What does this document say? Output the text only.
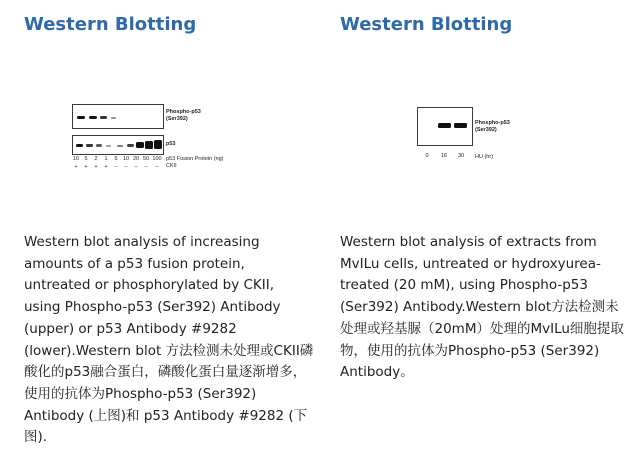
Western Blotting
Phospho-p53
(Ser392)
p53
10 5	2	1	5 10 20 50 100 p53 Fusion Protein (ng)
+	+	+	+	–	–	–	–	–	CKII
Western blot analysis of increasing amounts of a p53 fusion protein, untreated or phosphorylated by CKII, using Phospho-p53 (Ser392) Antibody (upper) or p53 Antibody #9282 (lower).Western blot 方法检测未处理或CKII磷酸化的p53融合蛋白，磷酸化蛋白量逐渐增多，使用的抗体为Phospho-p53 (Ser392) Antibody (上图)和 p53 Antibody #9282 (下图).
Western Blotting
Phospho-p53
(Ser392)
0	16	30	HU (hr)
Western blot analysis of extracts from MvILu cells, untreated or hydroxyurea-treated (20 mM), using Phospho-p53 (Ser392) Antibody.Western blot方法检测未处理或羟基脲（20mM）处理的MvILu细胞提取物，使用的抗体为Phospho-p53 (Ser392) Antibody。
